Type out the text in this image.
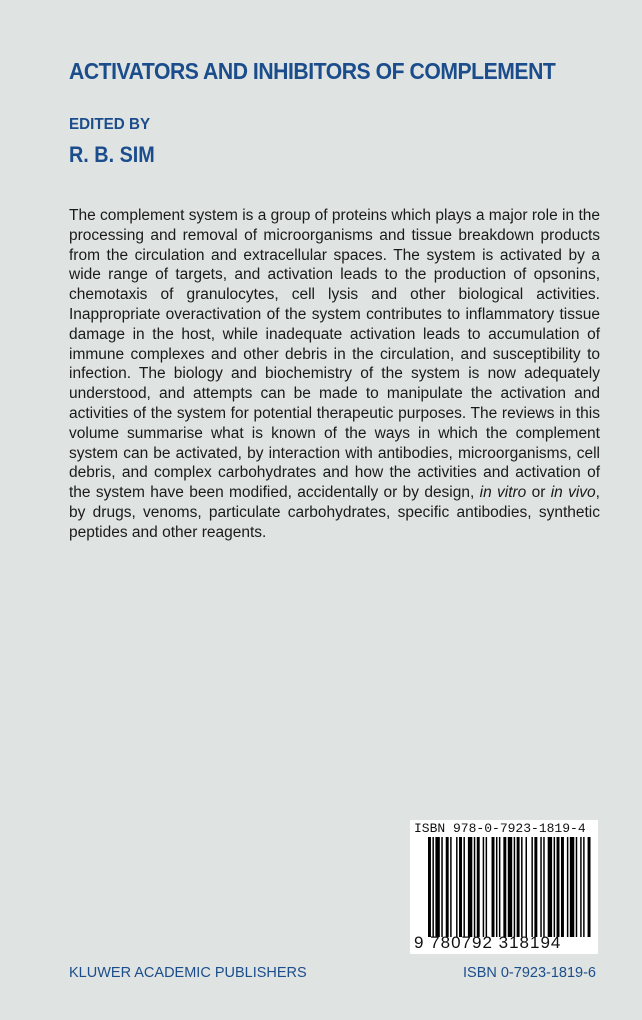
ACTIVATORS AND INHIBITORS OF COMPLEMENT
EDITED BY
R. B. SIM

The complement system is a group of proteins which plays a major role in the processing and removal of microorganisms and tissue breakdown products from the circulation and extracellular spaces. The system is activated by a wide range of targets, and activation leads to the production of opsonins, chemotaxis of granulocytes, cell lysis and other biological activities. Inappropriate overactivation of the system contributes to inflammatory tissue damage in the host, while inadequate activation leads to accumulation of immune complexes and other debris in the circulation, and susceptibility to infection. The biology and biochemistry of the system is now adequately understood, and attempts can be made to manipulate the activation and activities of the system for potential therapeutic purposes. The reviews in this volume summarise what is known of the ways in which the complement system can be activated, by interaction with antibodies, microorganisms, cell debris, and complex carbohydrates and how the activities and activation of the system have been modified, accidentally or by design, in vitro or in vivo, by drugs, venoms, particulate carbohydrates, specific antibodies, synthetic peptides and other reagents.

ISBN 978-0-7923-1819-4
9 780792 318194
KLUWER ACADEMIC PUBLISHERS	ISBN 0-7923-1819-6
